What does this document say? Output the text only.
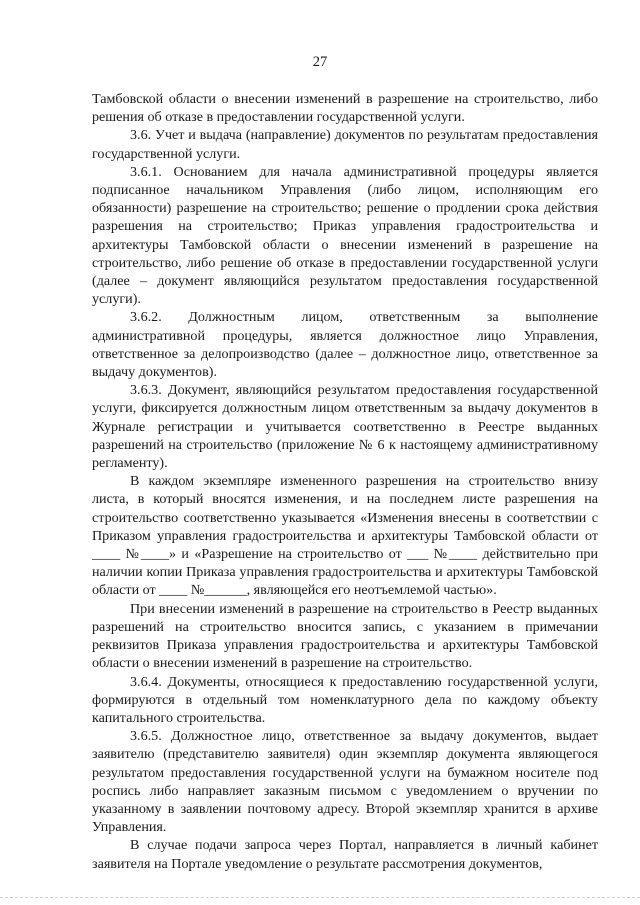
27

Тамбовской области о внесении изменений в разрешение на строительство, либо решения об отказе в предоставлении государственной услуги.

3.6. Учет и выдача (направление) документов по результатам предоставления государственной услуги.

3.6.1. Основанием для начала административной процедуры является подписанное начальником Управления (либо лицом, исполняющим его обязанности) разрешение на строительство; решение о продлении срока действия разрешения на строительство; Приказ управления градостроительства и архитектуры Тамбовской области о внесении изменений в разрешение на строительство, либо решение об отказе в предоставлении государственной услуги (далее – документ являющийся результатом предоставления государственной услуги).

3.6.2. Должностным лицом, ответственным за выполнение административной процедуры, является должностное лицо Управления, ответственное за делопроизводство (далее – должностное лицо, ответственное за выдачу документов).

3.6.3. Документ, являющийся результатом предоставления государственной услуги, фиксируется должностным лицом ответственным за выдачу документов в Журнале регистрации и учитывается соответственно в Реестре выданных разрешений на строительство (приложение № 6 к настоящему административному регламенту).

В каждом экземпляре измененного разрешения на строительство внизу листа, в который вносятся изменения, и на последнем листе разрешения на строительство соответственно указывается «Изменения внесены в соответствии с Приказом управления градостроительства и архитектуры Тамбовской области от ____ №____» и «Разрешение на строительство от ___ №____ действительно при наличии копии Приказа управления градостроительства и архитектуры Тамбовской области от ____ №______, являющейся его неотъемлемой частью».

При внесении изменений в разрешение на строительство в Реестр выданных разрешений на строительство вносится запись, с указанием в примечании реквизитов Приказа управления градостроительства и архитектуры Тамбовской области о внесении изменений в разрешение на строительство.

3.6.4. Документы, относящиеся к предоставлению государственной услуги, формируются в отдельный том номенклатурного дела по каждому объекту капитального строительства.

3.6.5. Должностное лицо, ответственное за выдачу документов, выдает заявителю (представителю заявителя) один экземпляр документа являющегося результатом предоставления государственной услуги на бумажном носителе под роспись либо направляет заказным письмом с уведомлением о вручении по указанному в заявлении почтовому адресу. Второй экземпляр хранится в архиве Управления.

В случае подачи запроса через Портал, направляется в личный кабинет заявителя на Портале уведомление о результате рассмотрения документов,
